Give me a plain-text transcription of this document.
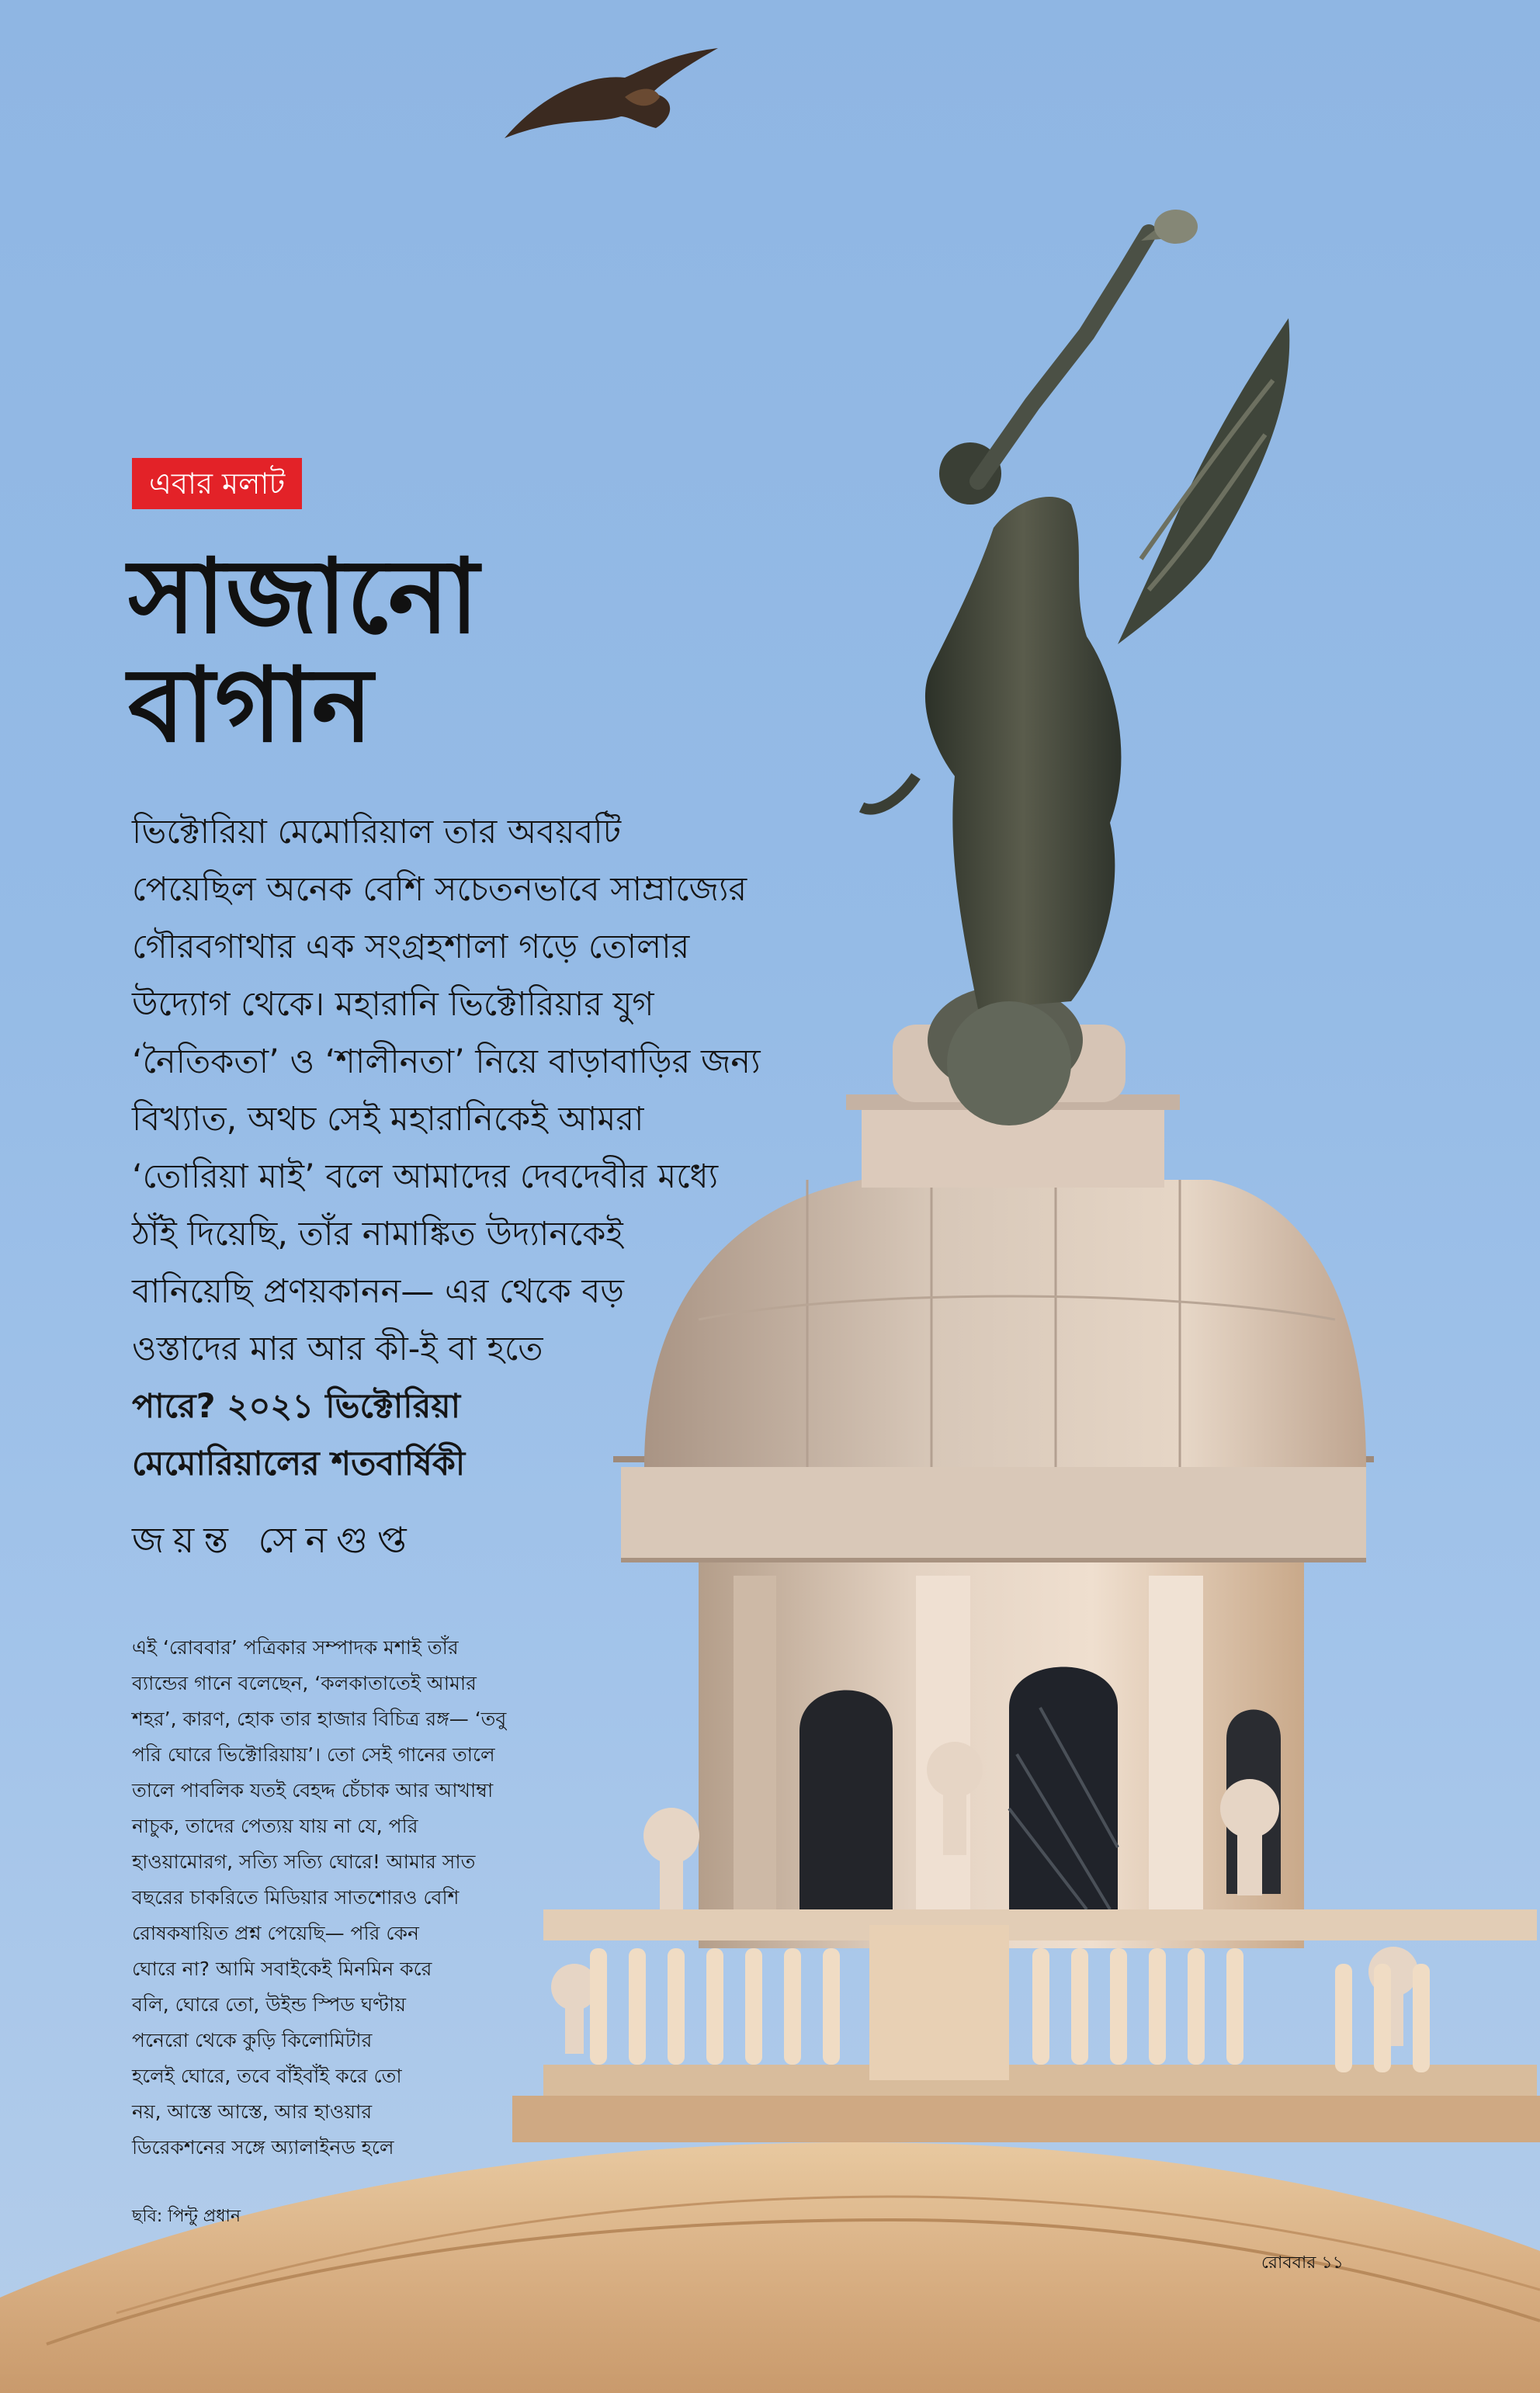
এবার মলাট
সাজানো
বাগান
ভিক্টোরিয়া মেমোরিয়াল তার অবয়বটি
পেয়েছিল অনেক বেশি সচেতনভাবে সাম্রাজ্যের
গৌরবগাথার এক সংগ্রহশালা গড়ে তোলার
উদ্যোগ থেকে। মহারানি ভিক্টোরিয়ার যুগ
‘নৈতিকতা’ ও ‘শালীনতা’ নিয়ে বাড়াবাড়ির জন্য
বিখ্যাত, অথচ সেই মহারানিকেই আমরা
‘তোরিয়া মাই’ বলে আমাদের দেবদেবীর মধ্যে
ঠাঁই দিয়েছি, তাঁর নামাঙ্কিত উদ্যানকেই
বানিয়েছি প্রণয়কানন— এর থেকে বড়
ওস্তাদের মার আর কী-ই বা হতে
পারে? ২০২১ ভিক্টোরিয়া
মেমোরিয়ালের শতবার্ষিকী
জয়ন্ত সেনগুপ্ত
এই ‘রোববার’ পত্রিকার সম্পাদক মশাই তাঁর
ব্যান্ডের গানে বলেছেন, ‘কলকাতাতেই আমার
শহর’, কারণ, হোক তার হাজার বিচিত্র রঙ্গ— ‘তবু
পরি ঘোরে ভিক্টোরিয়ায়’। তো সেই গানের তালে
তালে পাবলিক যতই বেহদ্দ চেঁচাক আর আখাম্বা
নাচুক, তাদের পেত্যয় যায় না যে, পরি
হাওয়ামোরগ, সত্যি সত্যি ঘোরে! আমার সাত
বছরের চাকরিতে মিডিয়ার সাতশোরও বেশি
রোষকষায়িত প্রশ্ন পেয়েছি— পরি কেন
ঘোরে না? আমি সবাইকেই মিনমিন করে
বলি, ঘোরে তো, উইন্ড স্পিড ঘণ্টায়
পনেরো থেকে কুড়ি কিলোমিটার
হলেই ঘোরে, তবে বাঁইবাঁই করে তো
নয়, আস্তে আস্তে, আর হাওয়ার
ডিরেকশনের সঙ্গে অ্যালাইনড হলে
ছবি: পিন্টু প্রধান
রোববার ১১
